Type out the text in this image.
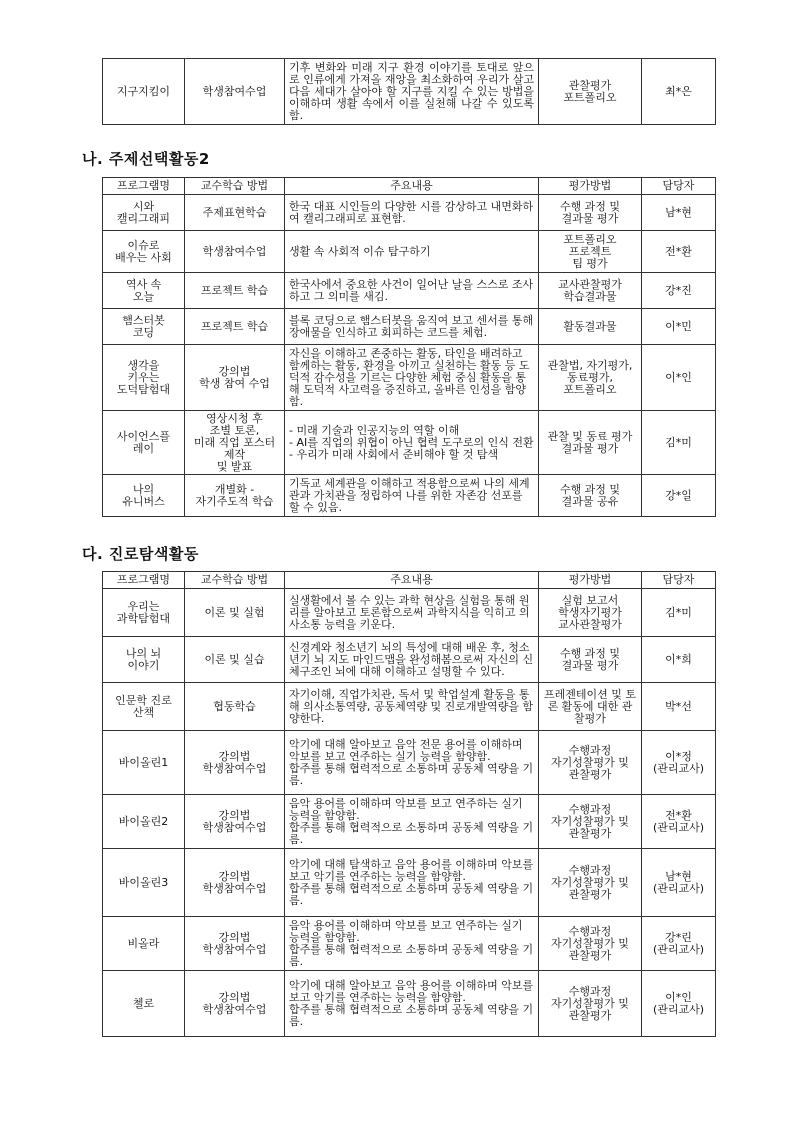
지구지킴이	학생참여수업	기후 변화와 미래 지구 환경 이야기를 토대로 앞으로 인류에게 가져올 재앙을 최소화하여 우리가 살고 다음 세대가 살아야 할 지구를 지킬 수 있는 방법을 이해하며 생활 속에서 이를 실천해 나갈 수 있도록 함.	
관찰평가
포트폴리오	최*은
나. 주제선택활동2
프로그램명	교수학습 방법	주요내용	평가방법	담당자

시와
캘리그래피	주제표현학습	한국 대표 시인들의 다양한 시를 감상하고 내면화하여 캘리그래피로 표현함.	수행 과정 및
결과물 평가	남*현

이슈로
배우는 사회	학생참여수업	생활 속 사회적 이슈 탐구하기	포트폴리오
프로젝트
팀 평가	전*환

역사 속
오늘	프로젝트 학습	한국사에서 중요한 사건이 일어난 날을 스스로 조사하고 그 의미를 새김.	교사관찰평가
학습결과물	강*진

햄스터봇
코딩	프로젝트 학습	블록 코딩으로 햄스터봇을 움직여 보고 센서를 통해 장애물을 인식하고 회피하는 코드를 체험.	활동결과물	이*민

생각을
키우는
도덕탐험대	강의법
학생 참여 수업	자신을 이해하고 존중하는 활동, 타인을 배려하고 함께하는 활동, 환경을 아끼고 실천하는 활동 등 도덕적 감수성을 기르는 다양한 체험 중심 활동을 통해 도덕적 사고력을 증진하고, 올바른 인성을 함양함.	관찰법, 자기평가,
동료평가,
포트폴리오	이*인

사이언스플
레이	영상시청 후
조별 토론,
미래 직업 포스터
제작
및 발표	- 미래 기술과 인공지능의 역할 이해
- AI를 직업의 위협이 아닌 협력 도구로의 인식 전환
- 우리가 미래 사회에서 준비해야 할 것 탐색	관찰 및 동료 평가
결과물 평가	김*미

나의
유니버스	개별화 -
자기주도적 학습	기독교 세계관을 이해하고 적용함으로써 나의 세계관과 가치관을 정립하여 나를 위한 자존감 선포를 할 수 있음.	수행 과정 및
결과물 공유	강*일
다. 진로탐색활동
프로그램명	교수학습 방법	주요내용	평가방법	담당자

우리는
과학탐험대	이론 및 실험	실생활에서 볼 수 있는 과학 현상을 실험을 통해 원리를 알아보고 토론함으로써 과학지식을 익히고 의사소통 능력을 키운다.	실험 보고서
학생자기평가
교사관찰평가	김*미

나의 뇌
이야기	이론 및 실습	신경계와 청소년기 뇌의 특성에 대해 배운 후, 청소년기 뇌 지도 마인드맵을 완성해봄으로써 자신의 신체구조인 뇌에 대해 이해하고 설명할 수 있다.	수행 과정 및
결과물 평가	이*희

인문학 진로
산책	협동학습	자기이해, 직업가치관, 독서 및 학업설계 활동을 통해 의사소통역량, 공동체역량 및 진로개발역량을 함양한다.	프레젠테이션 및 토론 활동에 대한 관찰평가	박*선

바이올린1	강의법
학생참여수업	악기에 대해 알아보고 음악 전문 용어를 이해하며 악보를 보고 연주하는 실기 능력을 함양함.
합주를 통해 협력적으로 소통하며 공동체 역량을 기름.	수행과정
자기성찰평가 및
관찰평가	이*정
(관리교사)

바이올린2	강의법
학생참여수업	음악 용어를 이해하며 악보를 보고 연주하는 실기 능력을 함양함.
합주를 통해 협력적으로 소통하며 공동체 역량을 기름.	수행과정
자기성찰평가 및
관찰평가	전*환
(관리교사)

바이올린3	강의법
학생참여수업	악기에 대해 탐색하고 음악 용어를 이해하며 악보를 보고 악기를 연주하는 능력을 함양함.
합주를 통해 협력적으로 소통하며 공동체 역량을 기름.	수행과정
자기성찰평가 및
관찰평가	남*현
(관리교사)

비올라	강의법
학생참여수업	음악 용어를 이해하며 악보를 보고 연주하는 실기 능력을 함양함.
합주를 통해 협력적으로 소통하며 공동체 역량을 기름.	수행과정
자기성찰평가 및
관찰평가	강*린
(관리교사)

첼로	강의법
학생참여수업	악기에 대해 알아보고 음악 용어를 이해하며 악보를 보고 악기를 연주하는 능력을 함양함.
합주를 통해 협력적으로 소통하며 공동체 역량을 기름.	수행과정
자기성찰평가 및
관찰평가	이*인
(관리교사)
